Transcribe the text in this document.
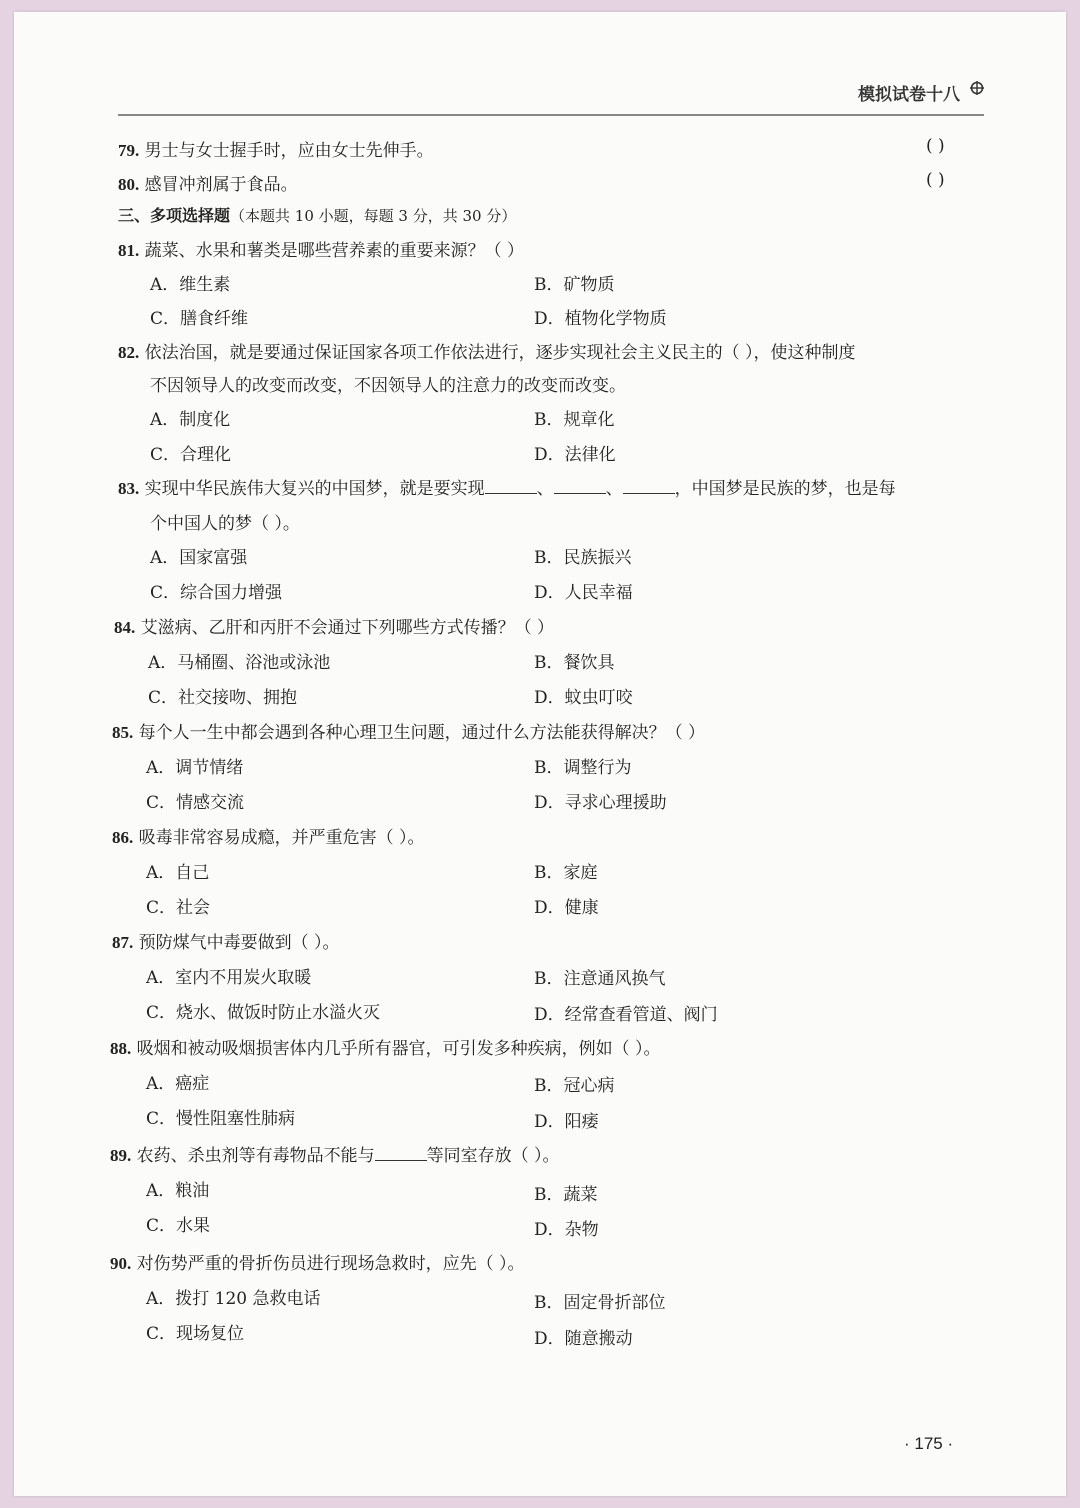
模拟试卷十八
79. 男士与女士握手时，应由女士先伸手。	( )
80. 感冒冲剂属于食品。	( )
三、多项选择题（本题共 10 小题，每题 3 分，共 30 分）
81. 蔬菜、水果和薯类是哪些营养素的重要来源？（ ）
A．维生素	B．矿物质
C．膳食纤维	D．植物化学物质
82. 依法治国，就是要通过保证国家各项工作依法进行，逐步实现社会主义民主的（ ），使这种制度
不因领导人的改变而改变，不因领导人的注意力的改变而改变。
A．制度化	B．规章化
C．合理化	D．法律化
83. 实现中华民族伟大复兴的中国梦，就是要实现	、	、	，中国梦是民族的梦，也是每
个中国人的梦（ ）。
A．国家富强	B．民族振兴
C．综合国力增强	D．人民幸福
84. 艾滋病、乙肝和丙肝不会通过下列哪些方式传播？（ ）
A．马桶圈、浴池或泳池	B．餐饮具
C．社交接吻、拥抱	D．蚊虫叮咬
85. 每个人一生中都会遇到各种心理卫生问题，通过什么方法能获得解决？（ ）
A．调节情绪	B．调整行为
C．情感交流	D．寻求心理援助
86. 吸毒非常容易成瘾，并严重危害（ ）。
A．自己	B．家庭
C．社会	D．健康
87. 预防煤气中毒要做到（ ）。
A．室内不用炭火取暖	B．注意通风换气
C．烧水、做饭时防止水溢火灭	D．经常查看管道、阀门
88. 吸烟和被动吸烟损害体内几乎所有器官，可引发多种疾病，例如（ ）。
A．癌症	B．冠心病
C．慢性阻塞性肺病	D．阳痿
89. 农药、杀虫剂等有毒物品不能与	等同室存放（ ）。
A．粮油	B．蔬菜
C．水果	D．杂物
90. 对伤势严重的骨折伤员进行现场急救时，应先（ ）。
A．拨打 120 急救电话	B．固定骨折部位
C．现场复位	D．随意搬动
· 175 ·
